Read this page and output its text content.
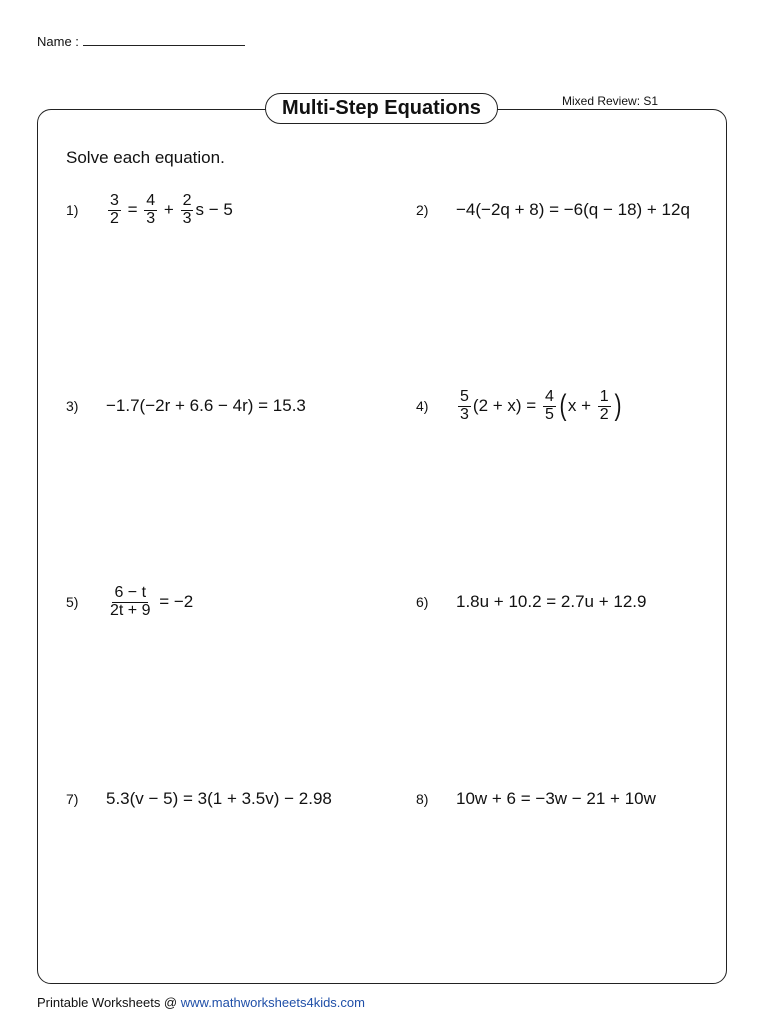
Name :
Mixed Review: S1
Multi-Step Equations
Solve each equation.
1)	$\frac{3}{2} = \frac{4}{3} + \frac{2}{3}$ s − 5	2)	−4(−2q + 8) = −6(q − 18) + 12q
3)	−1.7(−2r + 6.6 − 4r) = 15.3	4)	$\frac{5}{3} (2 + x) = \frac{4}{5}$ ( $x + \frac{1}{2}$ )
5)	$\frac{6 - t}{2t + 9} = -2$	6)	1.8u + 10.2 = 2.7u + 12.9
7)	5.3(v − 5) = 3(1 + 3.5v) − 2.98	8)	10w + 6 = −3w − 21 + 10w
Printable Worksheets @ www.mathworksheets4kids.com
